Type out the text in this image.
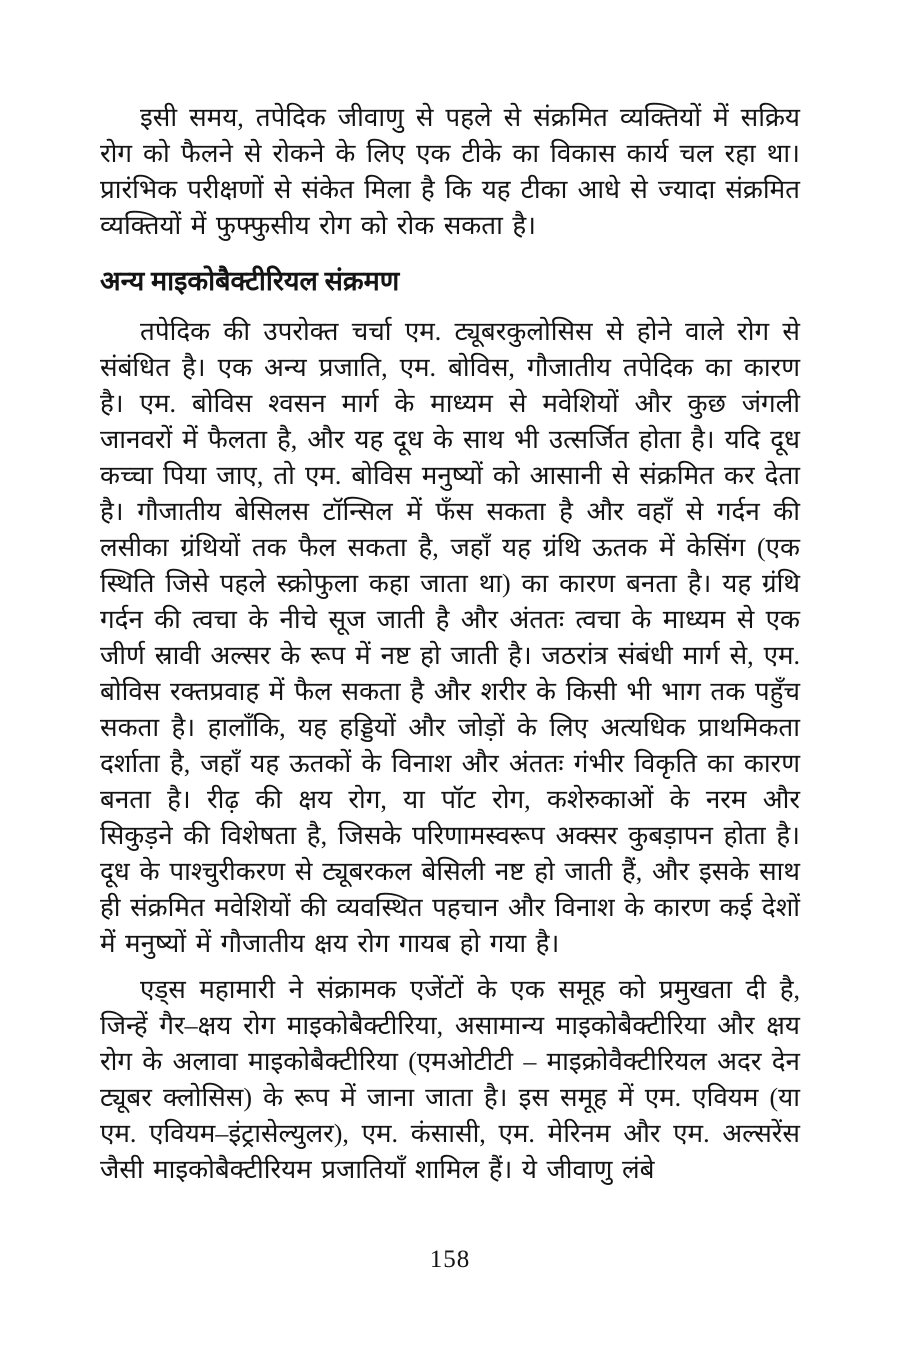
इसी समय, तपेदिक जीवाणु से पहले से संक्रमित व्यक्तियों में सक्रिय रोग को फैलने से रोकने के लिए एक टीके का विकास कार्य चल रहा था। प्रारंभिक परीक्षणों से संकेत मिला है कि यह टीका आधे से ज्यादा संक्रमित व्यक्तियों में फुफ्फुसीय रोग को रोक सकता है।

अन्य माइकोबैक्टीरियल संक्रमण

तपेदिक की उपरोक्त चर्चा एम. ट्यूबरकुलोसिस से होने वाले रोग से संबंधित है। एक अन्य प्रजाति, एम. बोविस, गौजातीय तपेदिक का कारण है। एम. बोविस श्वसन मार्ग के माध्यम से मवेशियों और कुछ जंगली जानवरों में फैलता है, और यह दूध के साथ भी उत्सर्जित होता है। यदि दूध कच्चा पिया जाए, तो एम. बोविस मनुष्यों को आसानी से संक्रमित कर देता है। गौजातीय बेसिलस टॉन्सिल में फँस सकता है और वहाँ से गर्दन की लसीका ग्रंथियों तक फैल सकता है, जहाँ यह ग्रंथि ऊतक में केसिंग (एक स्थिति जिसे पहले स्क्रोफुला कहा जाता था) का कारण बनता है। यह ग्रंथि गर्दन की त्वचा के नीचे सूज जाती है और अंततः त्वचा के माध्यम से एक जीर्ण स्रावी अल्सर के रूप में नष्ट हो जाती है। जठरांत्र संबंधी मार्ग से, एम. बोविस रक्तप्रवाह में फैल सकता है और शरीर के किसी भी भाग तक पहुँच सकता है। हालाँकि, यह हड्डियों और जोड़ों के लिए अत्यधिक प्राथमिकता दर्शाता है, जहाँ यह ऊतकों के विनाश और अंततः गंभीर विकृति का कारण बनता है। रीढ़ की क्षय रोग, या पॉट रोग, कशेरुकाओं के नरम और सिकुड़ने की विशेषता है, जिसके परिणामस्वरूप अक्सर कुबड़ापन होता है। दूध के पाश्चुरीकरण से ट्यूबरकल बेसिली नष्ट हो जाती हैं, और इसके साथ ही संक्रमित मवेशियों की व्यवस्थित पहचान और विनाश के कारण कई देशों में मनुष्यों में गौजातीय क्षय रोग गायब हो गया है।

एड्स महामारी ने संक्रामक एजेंटों के एक समूह को प्रमुखता दी है, जिन्हें गैर–क्षय रोग माइकोबैक्टीरिया, असामान्य माइकोबैक्टीरिया और क्षय रोग के अलावा माइकोबैक्टीरिया (एमओटीटी – माइक्रोवैक्टीरियल अदर देन ट्यूबर क्लोसिस) के रूप में जाना जाता है। इस समूह में एम. एवियम (या एम. एवियम–इंट्रासेल्युलर), एम. कंसासी, एम. मेरिनम और एम. अल्सरेंस जैसी माइकोबैक्टीरियम प्रजातियाँ शामिल हैं। ये जीवाणु लंबे

158
